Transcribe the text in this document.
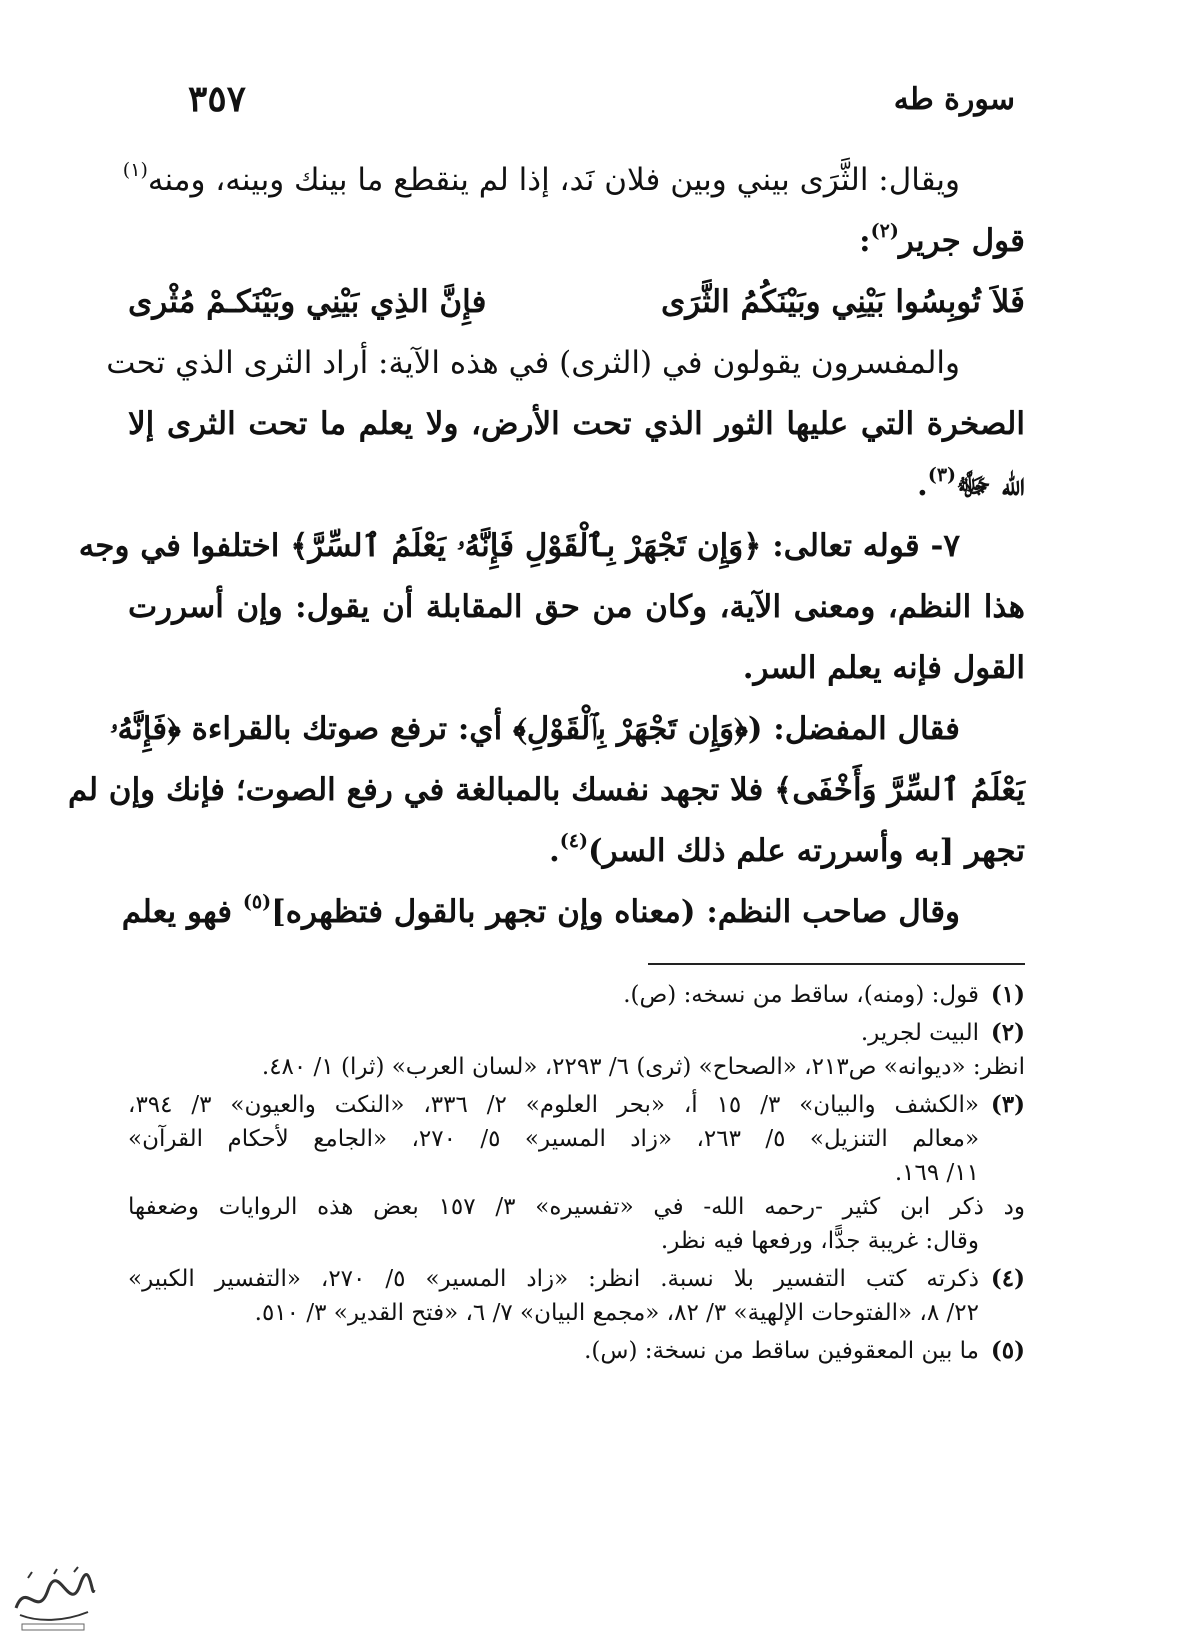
سورة طه
٣٥٧
ويقال: الثَّرَى بيني وبين فلان نَد، إذا لم ينقطع ما بينك وبينه، ومنه$^{(١)}$
قول جرير$^{(٢)}$:
فَلاَ تُوبِسُوا بَيْنِي وبَيْنَكُمُ الثَّرَى
فإِنَّ الذِي بَيْنِي وبَيْنَكـمْ مُثْرى
والمفسرون يقولون في (الثرى) في هذه الآية: أراد الثرى الذي تحت
الصخرة التي عليها الثور الذي تحت الأرض، ولا يعلم ما تحت الثرى إلا
الله ﷻ$^{(٣)}$.
٧- قوله تعالى: ﴿وَإِن تَجْهَرْ بِٱلْقَوْلِ فَإِنَّهُۥ يَعْلَمُ ٱلسِّرَّ﴾ اختلفوا في وجه
هذا النظم، ومعنى الآية، وكان من حق المقابلة أن يقول: وإن أسررت
القول فإنه يعلم السر.
فقال المفضل: (﴿وَإِن تَجْهَرْ بِٱلْقَوْلِ﴾ أي: ترفع صوتك بالقراءة ﴿فَإِنَّهُۥ
يَعْلَمُ ٱلسِّرَّ وَأَخْفَى﴾ فلا تجهد نفسك بالمبالغة في رفع الصوت؛ فإنك وإن لم
تجهر [به وأسررته علم ذلك السر)$^{(٤)}$.
وقال صاحب النظم: (معناه وإن تجهر بالقول فتظهره]$^{(٥)}$ فهو يعلم
(١)
قول: (ومنه)، ساقط من نسخه: (ص).
(٢)
البيت لجرير.
انظر: «ديوانه» ص٢١٣، «الصحاح» (ثرى) ٦/ ٢٢٩٣، «لسان العرب» (ثرا) ١/ ٤٨٠.
(٣)
«الكشف والبيان» ٣/ ١٥ أ، «بحر العلوم» ٢/ ٣٣٦، «النكت والعيون» ٣/ ٣٩٤،
«معالم التنزيل» ٥/ ٢٦٣، «زاد المسير» ٥/ ٢٧٠، «الجامع لأحكام القرآن»
١١/ ١٦٩.
ود ذكر ابن كثير -رحمه الله- في «تفسيره» ٣/ ١٥٧ بعض هذه الروايات وضعفها
وقال: غريبة جدًّا، ورفعها فيه نظر.
(٤)
ذكرته كتب التفسير بلا نسبة. انظر: «زاد المسير» ٥/ ٢٧٠، «التفسير الكبير»
٢٢/ ٨، «الفتوحات الإلهية» ٣/ ٨٢، «مجمع البيان» ٧/ ٦، «فتح القدير» ٣/ ٥١٠.
(٥)
ما بين المعقوفين ساقط من نسخة: (س).
